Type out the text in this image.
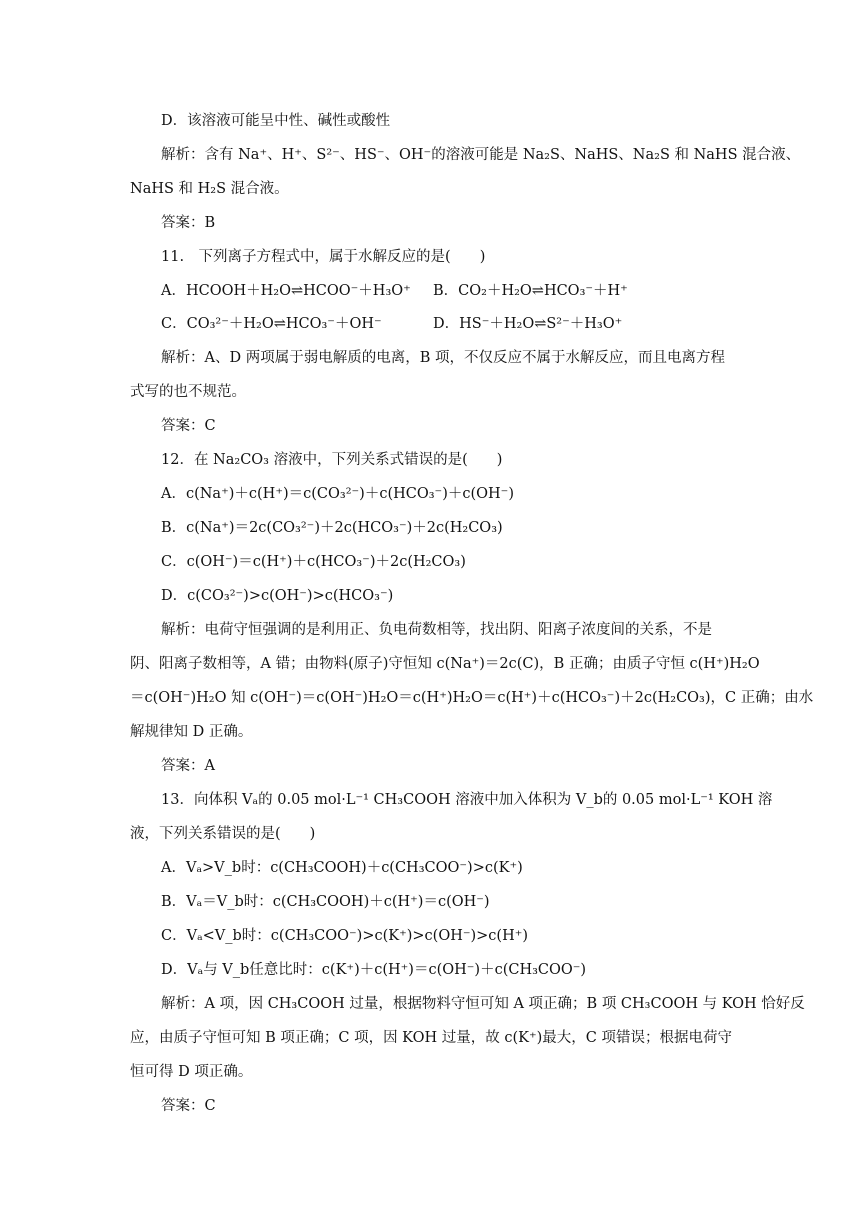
D．该溶液可能呈中性、碱性或酸性
解析：含有 Na⁺、H⁺、S²⁻、HS⁻、OH⁻的溶液可能是 Na₂S、NaHS、Na₂S 和 NaHS 混合液、
NaHS 和 H₂S 混合液。
答案：B
11.　下列离子方程式中，属于水解反应的是(　　)
A．HCOOH＋H₂O⇌HCOO⁻＋H₃O⁺ B．CO₂＋H₂O⇌HCO₃⁻＋H⁺
C．CO₃²⁻＋H₂O⇌HCO₃⁻＋OH⁻	D．HS⁻＋H₂O⇌S²⁻＋H₃O⁺
解析：A、D 两项属于弱电解质的电离，B 项，不仅反应不属于水解反应，而且电离方程
式写的也不规范。
答案：C
12．在 Na₂CO₃ 溶液中，下列关系式错误的是(　　)
A．c(Na⁺)＋c(H⁺)＝c(CO₃²⁻)＋c(HCO₃⁻)＋c(OH⁻)
B．c(Na⁺)＝2c(CO₃²⁻)＋2c(HCO₃⁻)＋2c(H₂CO₃)
C．c(OH⁻)＝c(H⁺)＋c(HCO₃⁻)＋2c(H₂CO₃)
D．c(CO₃²⁻)>c(OH⁻)>c(HCO₃⁻)
解析：电荷守恒强调的是利用正、负电荷数相等，找出阴、阳离子浓度间的关系，不是
阴、阳离子数相等，A 错；由物料(原子)守恒知 c(Na⁺)＝2c(C)，B 正确；由质子守恒 c(H⁺)H₂O
＝c(OH⁻)H₂O 知 c(OH⁻)＝c(OH⁻)H₂O＝c(H⁺)H₂O＝c(H⁺)＋c(HCO₃⁻)＋2c(H₂CO₃)，C 正确；由水
解规律知 D 正确。
答案：A
13．向体积 Vₐ的 0.05 mol·L⁻¹ CH₃COOH 溶液中加入体积为 V_b的 0.05 mol·L⁻¹ KOH 溶
液，下列关系错误的是(　　)
A．Vₐ>V_b时：c(CH₃COOH)＋c(CH₃COO⁻)>c(K⁺)
B．Vₐ＝V_b时：c(CH₃COOH)＋c(H⁺)＝c(OH⁻)
C．Vₐ<V_b时：c(CH₃COO⁻)>c(K⁺)>c(OH⁻)>c(H⁺)
D．Vₐ与 V_b任意比时：c(K⁺)＋c(H⁺)＝c(OH⁻)＋c(CH₃COO⁻)
解析：A 项，因 CH₃COOH 过量，根据物料守恒可知 A 项正确；B 项 CH₃COOH 与 KOH 恰好反
应，由质子守恒可知 B 项正确；C 项，因 KOH 过量，故 c(K⁺)最大，C 项错误；根据电荷守
恒可得 D 项正确。
答案：C
